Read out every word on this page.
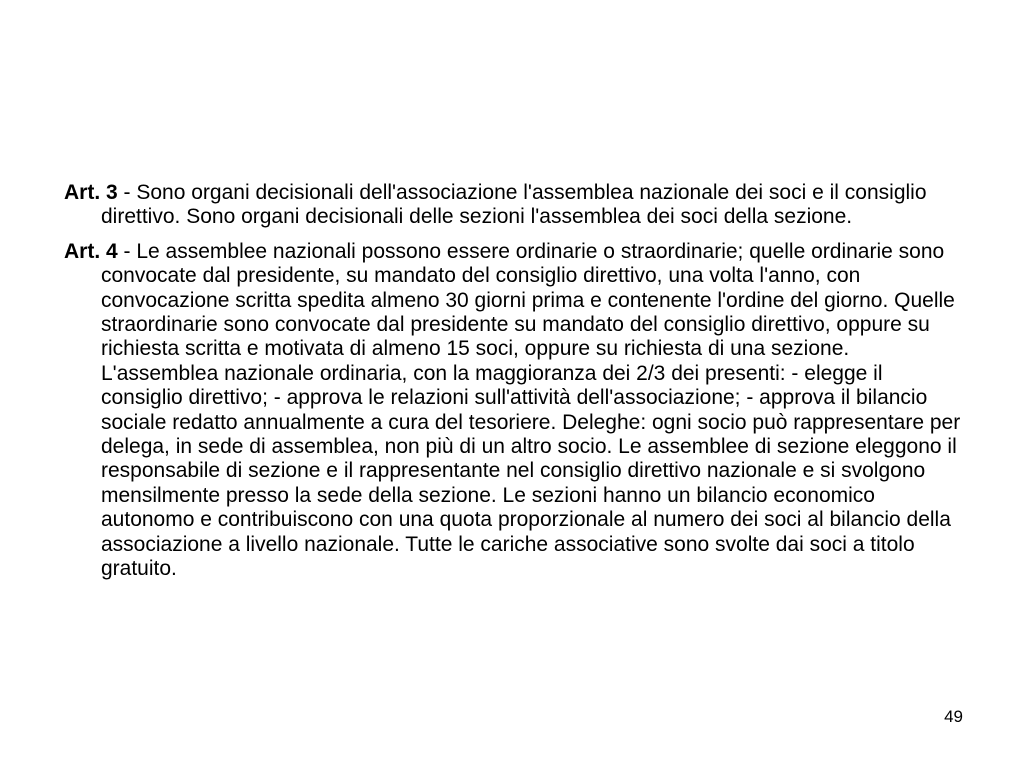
Art. 3 - Sono organi decisionali dell'associazione l'assemblea nazionale dei soci e il consiglio direttivo. Sono organi decisionali delle sezioni l'assemblea dei soci della sezione.

Art. 4 - Le assemblee nazionali possono essere ordinarie o straordinarie; quelle ordinarie sono convocate dal presidente, su mandato del consiglio direttivo, una volta l'anno, con convocazione scritta spedita almeno 30 giorni prima e contenente l'ordine del giorno. Quelle straordinarie sono convocate dal presidente su mandato del consiglio direttivo, oppure su richiesta scritta e motivata di almeno 15 soci, oppure su richiesta di una sezione. L'assemblea nazionale ordinaria, con la maggioranza dei 2/3 dei presenti: - elegge il consiglio direttivo; - approva le relazioni sull'attività dell'associazione; - approva il bilancio sociale redatto annualmente a cura del tesoriere. Deleghe: ogni socio può rappresentare per delega, in sede di assemblea, non più di un altro socio. Le assemblee di sezione eleggono il responsabile di sezione e il rappresentante nel consiglio direttivo nazionale e si svolgono mensilmente presso la sede della sezione. Le sezioni hanno un bilancio economico autonomo e contribuiscono con una quota proporzionale al numero dei soci al bilancio della associazione a livello nazionale. Tutte le cariche associative sono svolte dai soci a titolo gratuito.

49
